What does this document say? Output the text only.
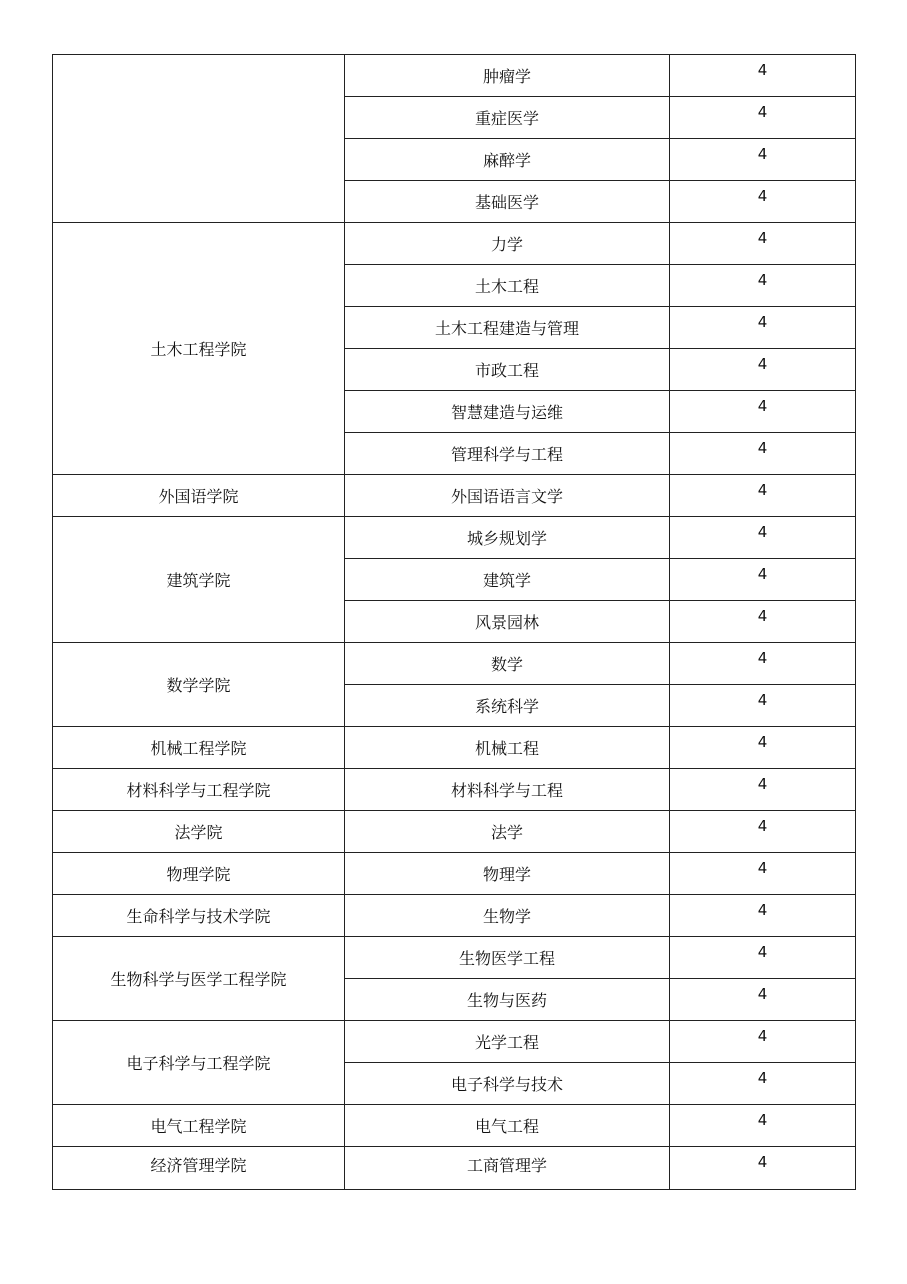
	肿瘤学	4

	重症医学	4

	麻醉学	4

	基础医学	4

土木工程学院	力学	4

	土木工程	4

	土木工程建造与管理	4

	市政工程	4

	智慧建造与运维	4

	管理科学与工程	4

外国语学院	外国语语言文学	4

建筑学院	城乡规划学	4

	建筑学	4

	风景园林	4

数学学院	数学	4

	系统科学	4

机械工程学院	机械工程	4

材料科学与工程学院	材料科学与工程	4

法学院	法学	4

物理学院	物理学	4

生命科学与技术学院	生物学	4

生物科学与医学工程学院	生物医学工程	4

	生物与医药	4

电子科学与工程学院	光学工程	4

	电子科学与技术	4

电气工程学院	电气工程	4

经济管理学院	工商管理学	4
